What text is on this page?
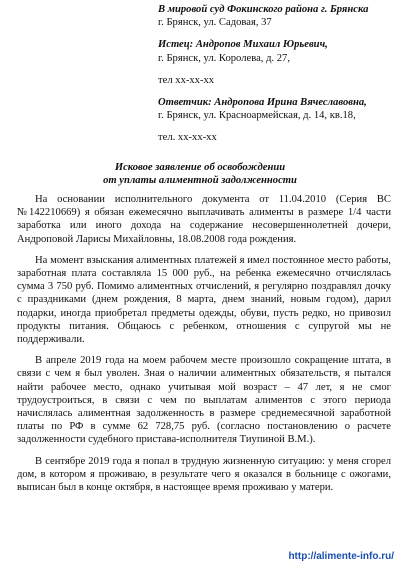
В мировой суд Фокинского района г. Брянска
г. Брянск, ул. Садовая, 37
Истец: Андропов Михаил Юрьевич,
г. Брянск, ул. Королева, д. 27,
тел хх-хх-хх
Ответчик: Андропова Ирина Вячеславовна,
г. Брянск, ул. Красноармейская, д. 14, кв.18,
тел. хх-хх-хх
Исковое заявление об освобождении
от уплаты алиментной задолженности

На основании исполнительного документа от 11.04.2010 (Серия ВС №142210669) я обязан ежемесячно выплачивать алименты в размере 1/4 части заработка или иного дохода на содержание несовершеннолетней дочери, Андроповой Ларисы Михайловны, 18.08.2008 года рождения.

На момент взыскания алиментных платежей я имел постоянное место работы, заработная плата составляла 15 000 руб., на ребенка ежемесячно отчислялась сумма 3 750 руб. Помимо алиментных отчислений, я регулярно поздравлял дочку с праздниками (днем рождения, 8 марта, днем знаний, новым годом), дарил подарки, иногда приобретал предметы одежды, обуви, пусть редко, но привозил продукты питания. Общаюсь с ребенком, отношения с супругой мы не поддерживали.

В апреле 2019 года на моем рабочем месте произошло сокращение штата, в связи с чем я был уволен. Зная о наличии алиментных обязательств, я пытался найти рабочее место, однако учитывая мой возраст – 47 лет, я не смог трудоустроиться, в связи с чем по выплатам алиментов с этого периода начислялась алиментная задолженность в размере среднемесячной заработной платы по РФ в сумме 62 728,75 руб. (согласно постановлению о расчете задолженности судебного пристава-исполнителя Тиупиной В.М.).

В сентябре 2019 года я попал в трудную жизненную ситуацию: у меня сгорел дом, в котором я проживаю, в результате чего я оказался в больнице с ожогами, выписан был в конце октября, в настоящее время проживаю у матери.

http://alimente-info.ru/
